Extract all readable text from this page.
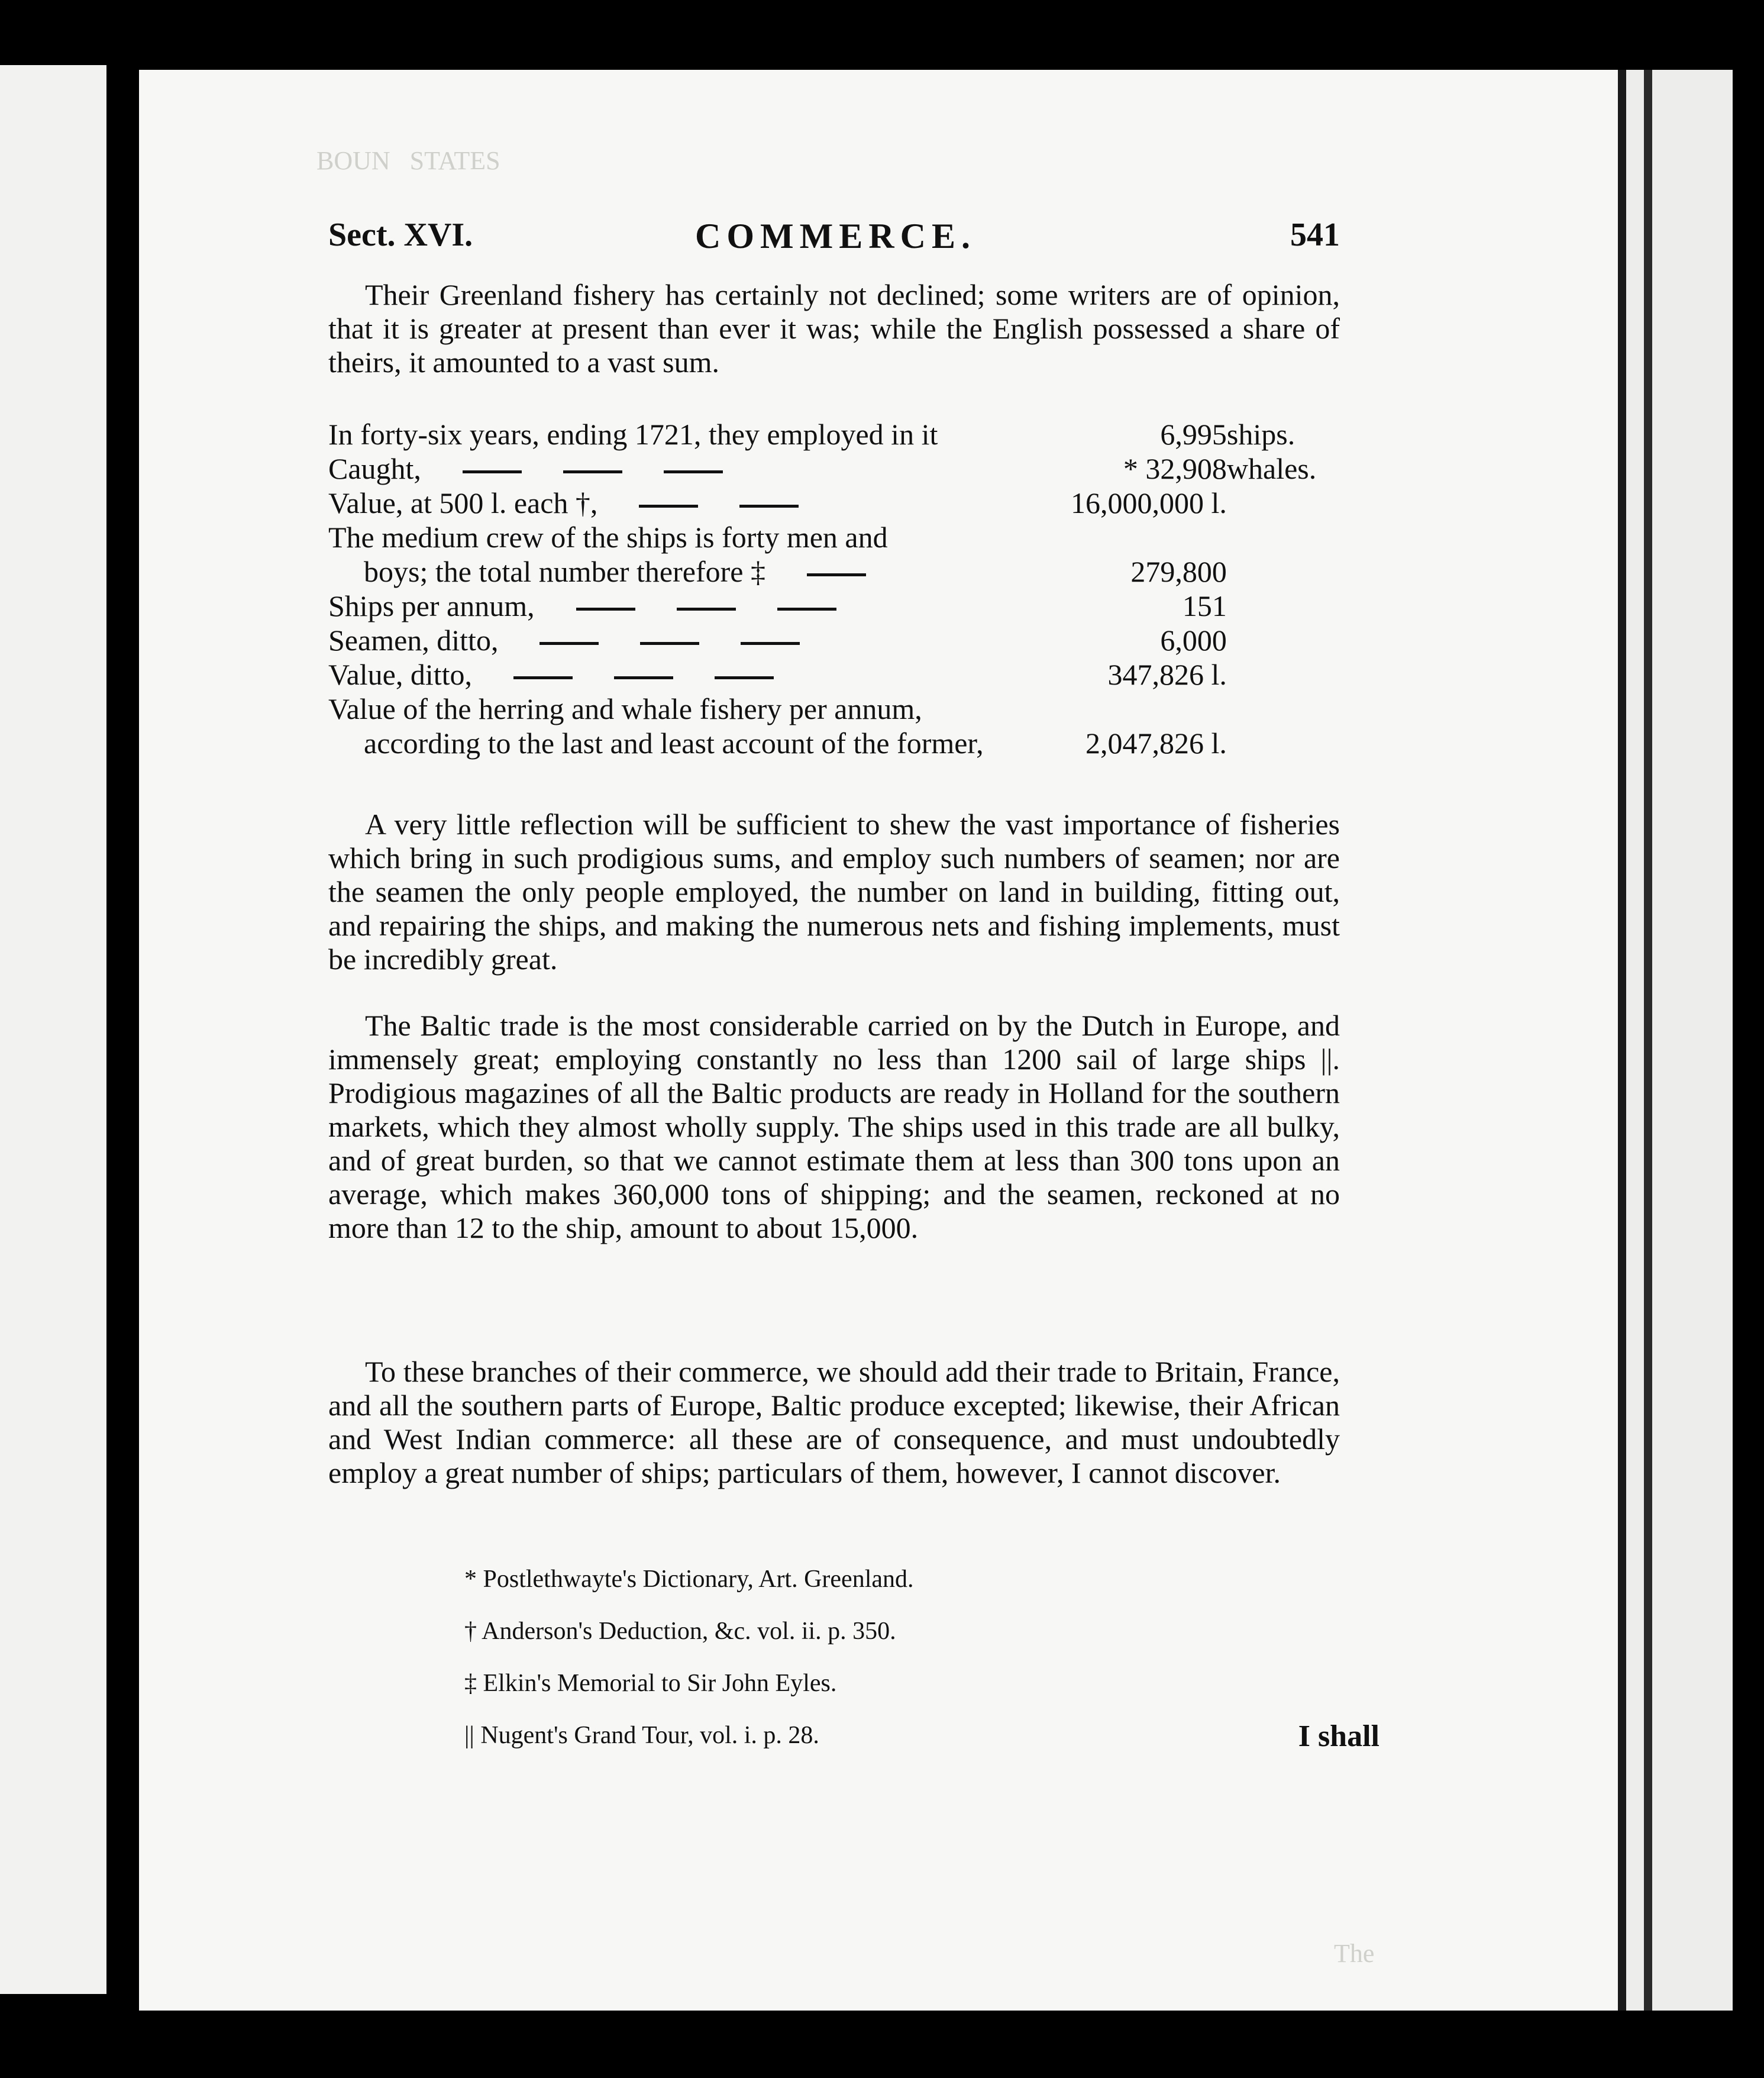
BOUN   STATES
The
Sect. XVI.	COMMERCE.	541

Their Greenland fishery has certainly not declined; some writers are of opinion, that it is greater at present than ever it was; while the English possessed a share of theirs, it amounted to a vast sum.

In forty-six years, ending 1721, they employed in it	6,995	ships.
Caught,	* 32,908	whales.
Value, at 500 l. each †,	16,000,000 l.	
The medium crew of the ships is forty men and		
boys; the total number therefore ‡	279,800	
Ships per annum,	151	
Seamen, ditto,	6,000	
Value, ditto,	347,826 l.	
Value of the herring and whale fishery per annum,		
according to the last and least account of the former,	2,047,826 l.	

A very little reflection will be sufficient to shew the vast importance of fisheries which bring in such prodigious sums, and employ such numbers of seamen; nor are the seamen the only people employed, the number on land in building, fitting out, and repairing the ships, and making the numerous nets and fishing implements, must be incredibly great.

The Baltic trade is the most considerable carried on by the Dutch in Europe, and immensely great; employing constantly no less than 1200 sail of large ships ||. Prodigious magazines of all the Baltic products are ready in Holland for the southern markets, which they almost wholly supply. The ships used in this trade are all bulky, and of great burden, so that we cannot estimate them at less than 300 tons upon an average, which makes 360,000 tons of shipping; and the seamen, reckoned at no more than 12 to the ship, amount to about 15,000.

To these branches of their commerce, we should add their trade to Britain, France, and all the southern parts of Europe, Baltic produce excepted; likewise, their African and West Indian commerce: all these are of consequence, and must undoubtedly employ a great number of ships; particulars of them, however, I cannot discover.

* Postlethwayte's Dictionary, Art. Greenland.
† Anderson's Deduction, &c. vol. ii. p. 350.
‡ Elkin's Memorial to Sir John Eyles.
|| Nugent's Grand Tour, vol. i. p. 28.	I shall
